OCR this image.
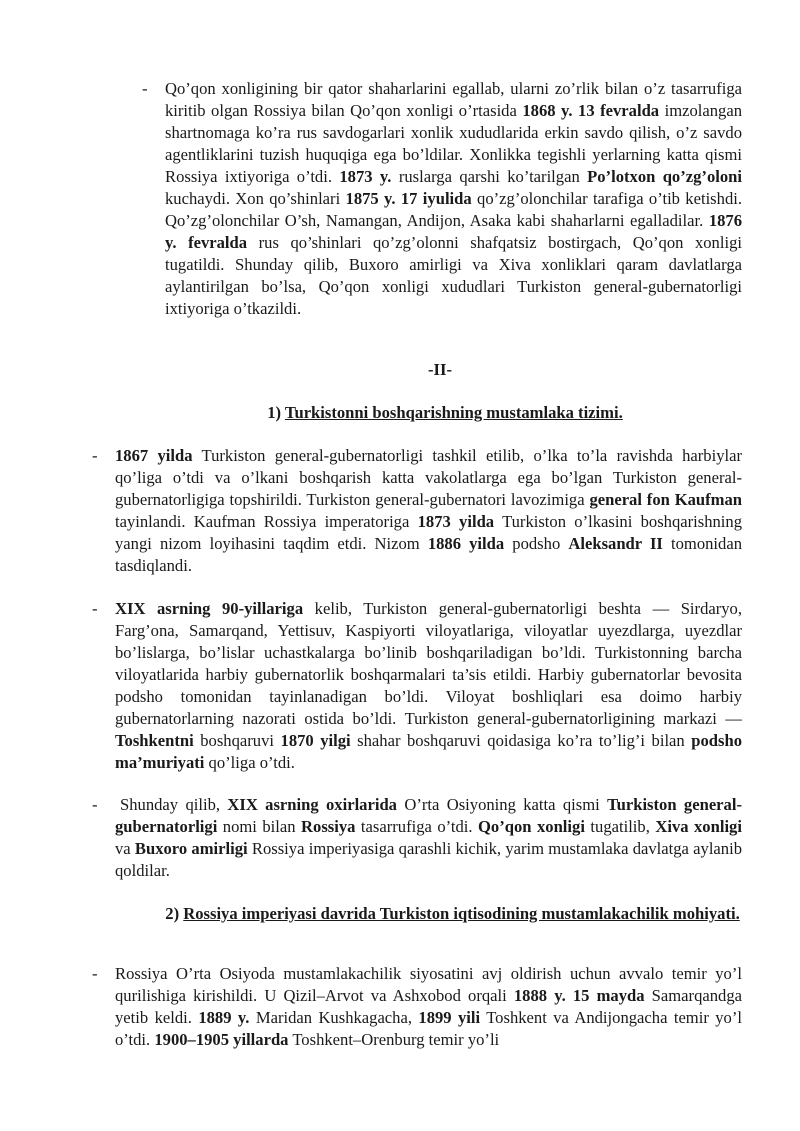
- Qo’qon xonligining bir qator shaharlarini egallab, ularni zo’rlik bilan o’z tasarrufiga kiritib olgan Rossiya bilan Qo’qon xonligi o’rtasida 1868 y. 13 fevralda imzolangan shartnomaga ko’ra rus savdogarlari xonlik xududlarida erkin savdo qilish, o’z savdo agentliklarini tuzish huquqiga ega bo’ldilar. Xonlikka tegishli yerlarning katta qismi Rossiya ixtiyoriga o’tdi. 1873 y. ruslarga qarshi ko’tarilgan Po’lotxon qo’zg’oloni kuchaydi. Xon qo’shinlari 1875 y. 17 iyulida qo’zg’olonchilar tarafiga o’tib ketishdi. Qo’zg’olonchilar O’sh, Namangan, Andijon, Asaka kabi shaharlarni egalladilar. 1876 y. fevralda rus qo’shinlari qo’zg’olonni shafqatsiz bostirgach, Qo’qon xonligi tugatildi. Shunday qilib, Buxoro amirligi va Xiva xonliklari qaram davlatlarga aylantirilgan bo’lsa, Qo’qon xonligi xududlari Turkiston general-gubernatorligi ixtiyoriga o’tkazildi.

-II-
1) Turkistonni boshqarishning mustamlaka tizimi.
- 1867 yilda Turkiston general-gubernatorligi tashkil etilib, o’lka to’la ravishda harbiylar qo’liga o’tdi va o’lkani boshqarish katta vakolatlarga ega bo’lgan Turkiston general-gubernatorligiga topshirildi. Turkiston general-gubernatori lavozimiga general fon Kaufman tayinlandi. Kaufman Rossiya imperatoriga 1873 yilda Turkiston o’lkasini boshqarishning yangi nizom loyihasini taqdim etdi. Nizom 1886 yilda podsho Aleksandr II tomonidan tasdiqlandi.

- XIX asrning 90-yillariga kelib, Turkiston general-gubernatorligi beshta — Sirdaryo, Farg’ona, Samarqand, Yettisuv, Kaspiyorti viloyatlariga, viloyatlar uyezdlarga, uyezdlar bo’lislarga, bo’lislar uchastkalarga bo’linib boshqariladigan bo’ldi. Turkistonning barcha viloyatlarida harbiy gubernatorlik boshqarmalari ta’sis etildi. Harbiy gubernatorlar bevosita podsho tomonidan tayinlanadigan bo’ldi. Viloyat boshliqlari esa doimo harbiy gubernatorlarning nazorati ostida bo’ldi. Turkiston general-gubernatorligining markazi — Toshkentni boshqaruvi 1870 yilgi shahar boshqaruvi qoidasiga ko’ra to’lig’i bilan podsho ma’muriyati qo’liga o’tdi.

-	Shunday qilib, XIX asrning oxirlarida O’rta Osiyoning katta qismi Turkiston general-gubernatorligi nomi bilan Rossiya tasarrufiga o’tdi. Qo’qon xonligi tugatilib, Xiva xonligi va Buxoro amirligi Rossiya imperiyasiga qarashli kichik, yarim mustamlaka davlatga aylanib qoldilar.

2) Rossiya imperiyasi davrida Turkiston iqtisodining mustamlakachilik mohiyati.
- Rossiya O’rta Osiyoda mustamlakachilik siyosatini avj oldirish uchun avvalo temir yo’l qurilishiga kirishildi. U Qizil–Arvot va Ashxobod orqali 1888 y. 15 mayda Samarqandga yetib keldi. 1889 y. Maridan Kushkagacha, 1899 yili Toshkent va Andijongacha temir yo’l o’tdi. 1900–1905 yillarda Toshkent–Orenburg temir yo’li
